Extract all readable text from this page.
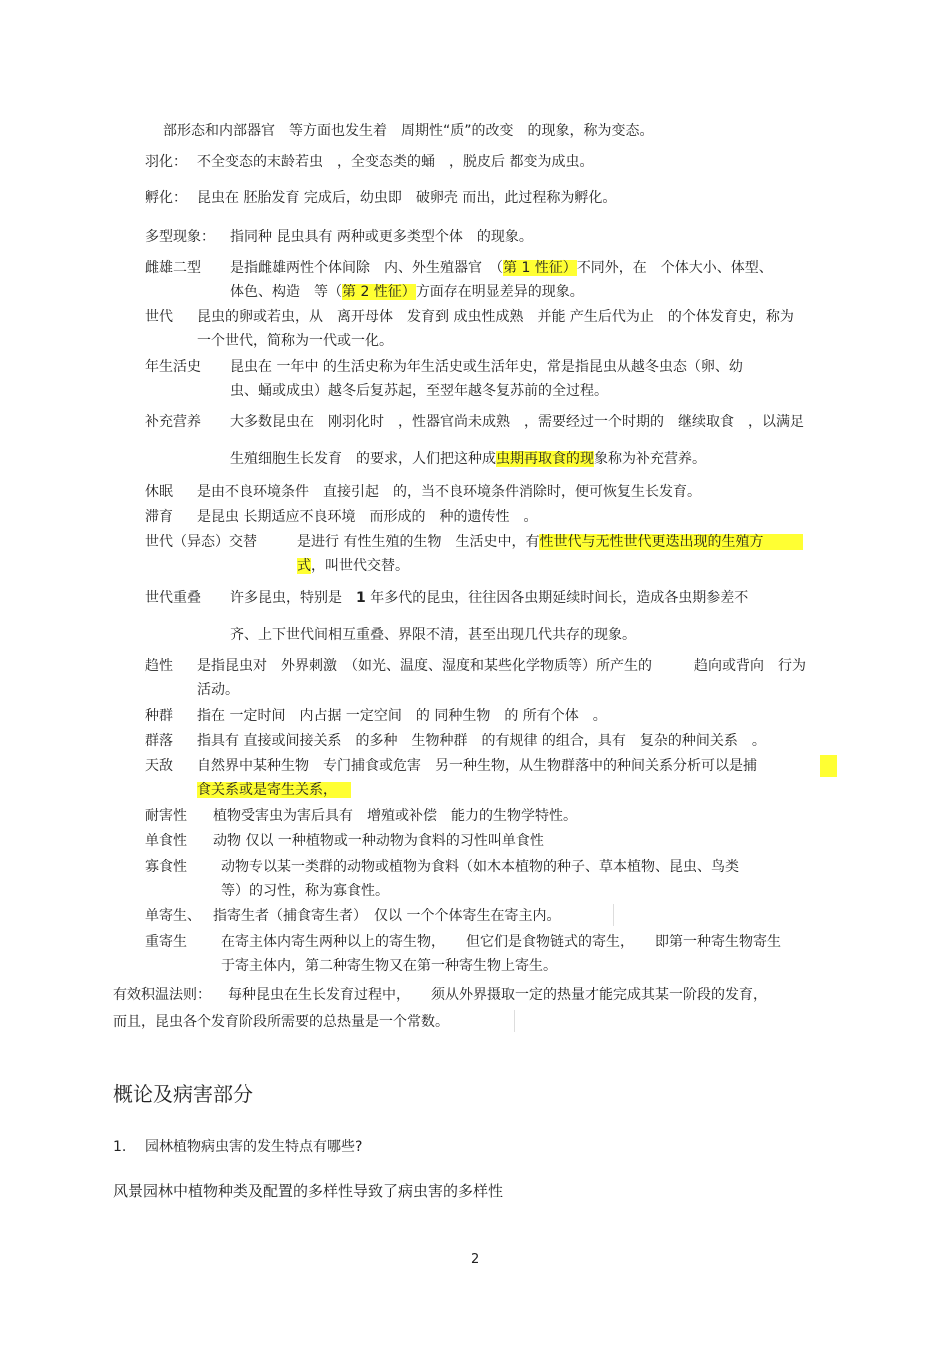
部形态和内部器官　等方面也发生着　周期性“质”的改变　的现象，称为变态。
羽化： 不全变态的末龄若虫　，全变态类的蛹　，脱皮后 都变为成虫。
孵化： 昆虫在 胚胎发育 完成后，幼虫即　破卵壳 而出，此过程称为孵化。
多型现象： 指同种 昆虫具有 两种或更多类型个体　的现象。
雌雄二型 是指雌雄两性个体间除　内、外生殖器官　（第 1 性征）不同外，在　个体大小、体型、
体色、构造　等（第 2 性征）方面存在明显差异的现象。
世代 昆虫的卵或若虫，从　离开母体　发育到 成虫性成熟　并能 产生后代为止　的个体发育史，称为
一个世代，简称为一代或一化。
年生活史 昆虫在 一年中 的生活史称为年生活史或生活年史，常是指昆虫从越冬虫态（卵、幼
虫、蛹或成虫）越冬后复苏起，至翌年越冬复苏前的全过程。
补充营养 大多数昆虫在　刚羽化时　，性器官尚未成熟　，需要经过一个时期的　继续取食　，以满足
生殖细胞生长发育　的要求，人们把这种成虫期再取食的现象称为补充营养。
休眠 是由不良环境条件　直接引起　的，当不良环境条件消除时，便可恢复生长发育。
滞育 是昆虫 长期适应不良环境　而形成的　种的遗传性　。
世代（异态）交替	是进行 有性生殖的生物　生活史中，有性世代与无性世代更迭出现的生殖方
式，叫世代交替。
世代重叠 许多昆虫，特别是　1 年多代的昆虫，往往因各虫期延续时间长，造成各虫期参差不
齐、上下世代间相互重叠、界限不清，甚至出现几代共存的现象。
趋性 是指昆虫对　外界刺激　（如光、温度、湿度和某些化学物质等）所产生的　　　趋向或背向　行为
活动。
种群 指在 一定时间　内占据 一定空间　的 同种生物　的 所有个体　。
群落 指具有 直接或间接关系　的多种　生物种群　的有规律 的组合，具有　复杂的种间关系　。
天敌 自然界中某种生物　专门捕食或危害　另一种生物，从生物群落中的种间关系分析可以是捕
食关系或是寄生关系，
耐害性 植物受害虫为害后具有　增殖或补偿　能力的生物学特性。
单食性 动物 仅以 一种植物或一种动物为食料的习性叫单食性
寡食性 动物专以某一类群的动物或植物为食料（如木本植物的种子、草本植物、昆虫、鸟类
等）的习性，称为寡食性。
单寄生、 指寄生者（捕食寄生者）　仅以 一个个体寄生在寄主内。
重寄生 在寄主体内寄生两种以上的寄生物，　　但它们是食物链式的寄生，　　即第一种寄生物寄生
于寄主体内，第二种寄生物又在第一种寄生物上寄生。
有效积温法则： 每种昆虫在生长发育过程中，　　须从外界摄取一定的热量才能完成其某一阶段的发育，
而且，昆虫各个发育阶段所需要的总热量是一个常数。
概论及病害部分
1. 园林植物病虫害的发生特点有哪些?
风景园林中植物种类及配置的多样性导致了病虫害的多样性
2
